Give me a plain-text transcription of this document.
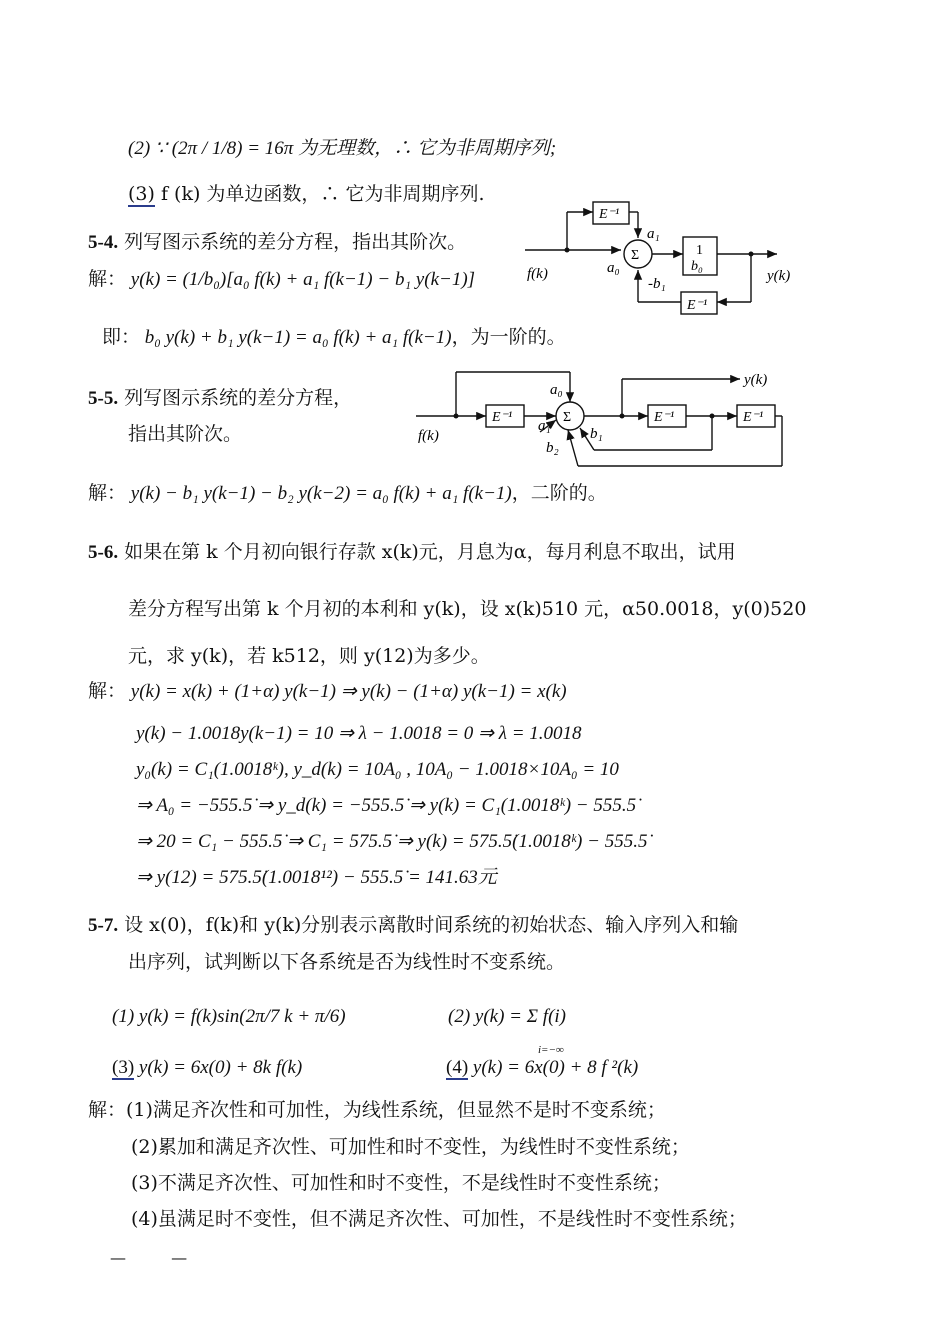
(2) ∵ (2π / 1/8) = 16π 为无理数，∴ 它为非周期序列;
(3) f (k) 为单边函数，∴ 它为非周期序列.
5-4. 列写图示系统的差分方程，指出其阶次。
解： y(k) = (1/b₀)[a₀ f(k) + a₁ f(k−1) − b₁ y(k−1)]
即： b₀ y(k) + b₁ y(k−1) = a₀ f(k) + a₁ f(k−1)，为一阶的。
E⁻¹
Σ	1
b₀
E⁻¹
f(k)	y(k)
a₁
a₀
-b₁
5-5. 列写图示系统的差分方程，
指出其阶次。
E⁻¹	E⁻¹	E⁻¹
Σ
f(k)
y(k)
a₀
a₁	b₁
b₂
解： y(k) − b₁ y(k−1) − b₂ y(k−2) = a₀ f(k) + a₁ f(k−1)，二阶的。
5-6. 如果在第 k 个月初向银行存款 x(k)元，月息为α，每月利息不取出，试用
差分方程写出第 k 个月初的本利和 y(k)，设 x(k)510 元，α50.0018，y(0)520
元，求 y(k)，若 k512，则 y(12)为多少。
解： y(k) = x(k) + (1+α) y(k−1) ⇒ y(k) − (1+α) y(k−1) = x(k)
y(k) − 1.0018y(k−1) = 10 ⇒ λ − 1.0018 = 0 ⇒ λ = 1.0018
y₀(k) = C₁(1.0018ᵏ), y_d(k) = 10A₀ , 10A₀ − 1.0018×10A₀ = 10
⇒ A₀ = −555.5̇ ⇒ y_d(k) = −555.5̇ ⇒ y(k) = C₁(1.0018ᵏ) − 555.5̇
⇒ 20 = C₁ − 555.5̇ ⇒ C₁ = 575.5̇ ⇒ y(k) = 575.5̇(1.0018ᵏ) − 555.5̇
⇒ y(12) = 575.5̇(1.0018¹²) − 555.5̇ = 141.63元
5-7. 设 x(0)，f(k)和 y(k)分别表示离散时间系统的初始状态、输入序列入和输
出序列，试判断以下各系统是否为线性时不变系统。
(1) y(k) = f(k)sin(2π/7 k + π/6)	(2) y(k) = Σ f(i)
i=−∞
(3) y(k) = 6x(0) + 8k f(k)	(4) y(k) = 6x(0) + 8 f ²(k)
解：(1)满足齐次性和可加性，为线性系统，但显然不是时不变系统；
(2)累加和满足齐次性、可加性和时不变性，为线性时不变性系统；
(3)不满足齐次性、可加性和时不变性，不是线性时不变性系统；
(4)虽满足时不变性，但不满足齐次性、可加性，不是线性时不变性系统；
— —
